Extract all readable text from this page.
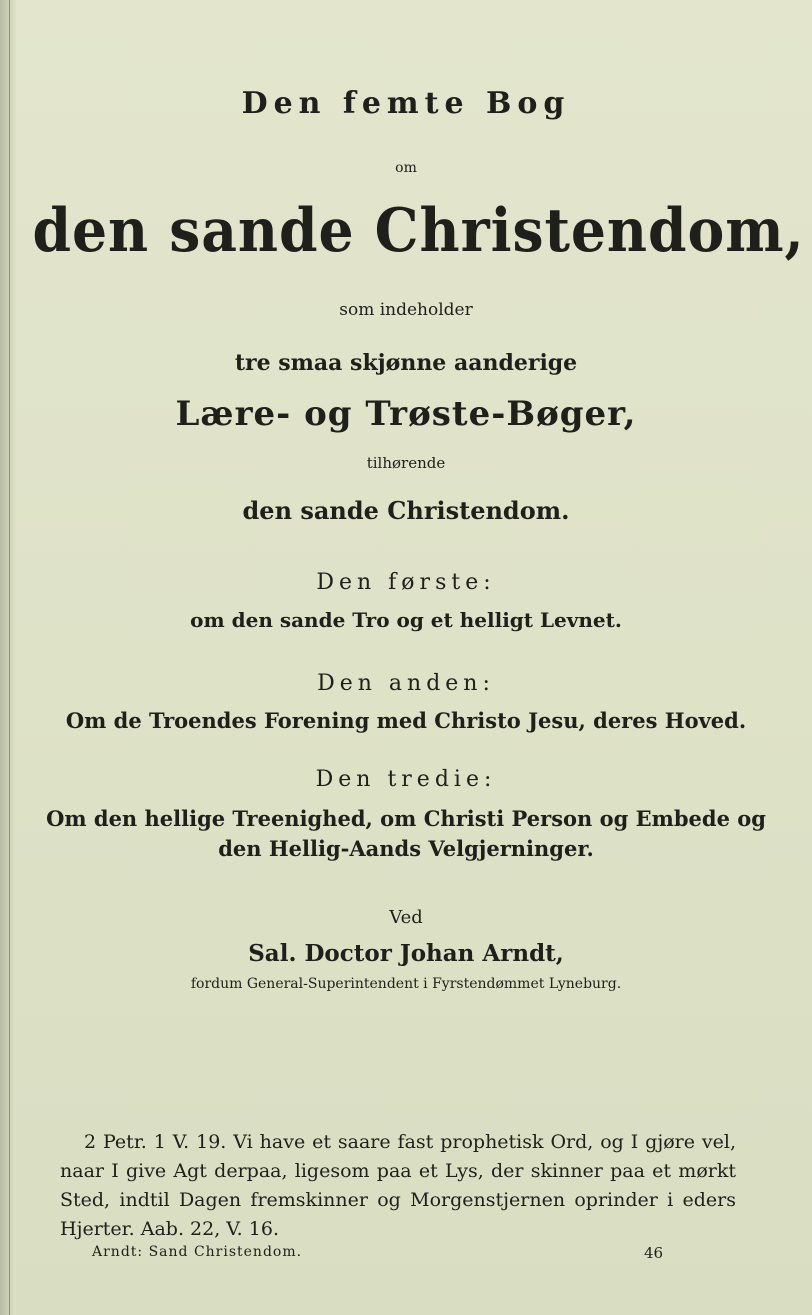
Den femte Bog
om
den sande Christendom,
som indeholder
tre smaa skjønne aanderige
Lære- og Trøste-Bøger,
tilhørende
den sande Christendom.
Den første:
om den sande Tro og et helligt Levnet.
Den anden:
Om de Troendes Forening med Christo Jesu, deres Hoved.
Den tredie:
Om den hellige Treenighed, om Christi Person og Embede og
den Hellig-Aands Velgjerninger.
Ved
Sal. Doctor Johan Arndt,
fordum General-Superintendent i Fyrstendømmet Lyneburg.
2 Petr. 1 V. 19. Vi have et saare fast prophetisk Ord, og I gjøre vel, naar I give Agt derpaa, ligesom paa et Lys, der skinner paa et mørkt Sted, indtil Dagen fremskinner og Morgenstjernen oprinder i eders Hjerter. Aab. 22, V. 16.
Arndt: Sand Christendom.	46
